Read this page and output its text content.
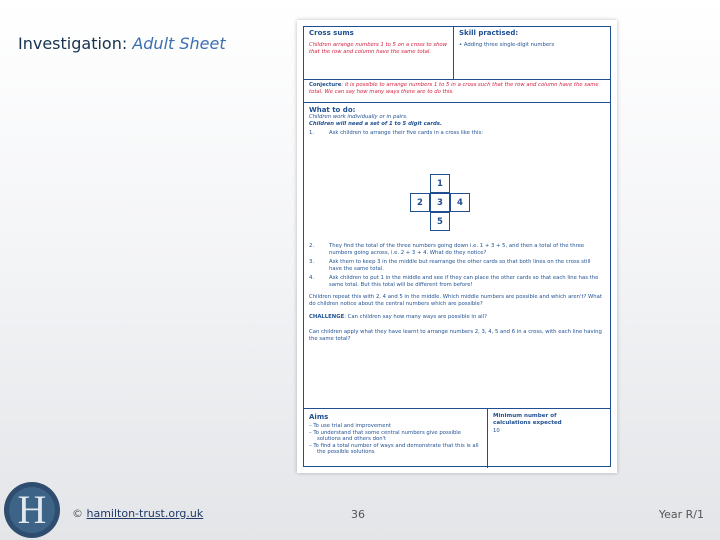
Investigation: Adult Sheet
Cross sums
Children arrange numbers 1 to 5 on a cross to show that the row and column have the same total.
Skill practised:
• Adding three single-digit numbers
Conjecture: it is possible to arrange numbers 1 to 5 in a cross such that the row and column have the same total. We can say how many ways there are to do this.
What to do:
Children work individually or in pairs.
Children will need a set of 1 to 5 digit cards.
1.	Ask children to arrange their five cards in a cross like this:
1
2	3	4
5
2.	They find the total of the three numbers going down i.e. 1 + 3 + 5, and then a total of the three numbers going across, i.e. 2 + 3 + 4. What do they notice?
3.	Ask them to keep 3 in the middle but rearrange the other cards so that both lines on the cross still have the same total.
4.	Ask children to put 1 in the middle and see if they can place the other cards so that each line has the same total. But this total will be different from before!
Children repeat this with 2, 4 and 5 in the middle. Which middle numbers are possible and which aren't? What do children notice about the central numbers which are possible?
CHALLENGE: Can children say how many ways are possible in all?
Can children apply what they have learnt to arrange numbers 2, 3, 4, 5 and 6 in a cross, with each line having the same total?
Aims
– To use trial and improvement
– To understand that some central numbers give possible solutions and others don't
– To find a total number of ways and demonstrate that this is all the possible solutions
Minimum number of calculations expected
10
H © hamilton-trust.org.uk	36	Year R/1
